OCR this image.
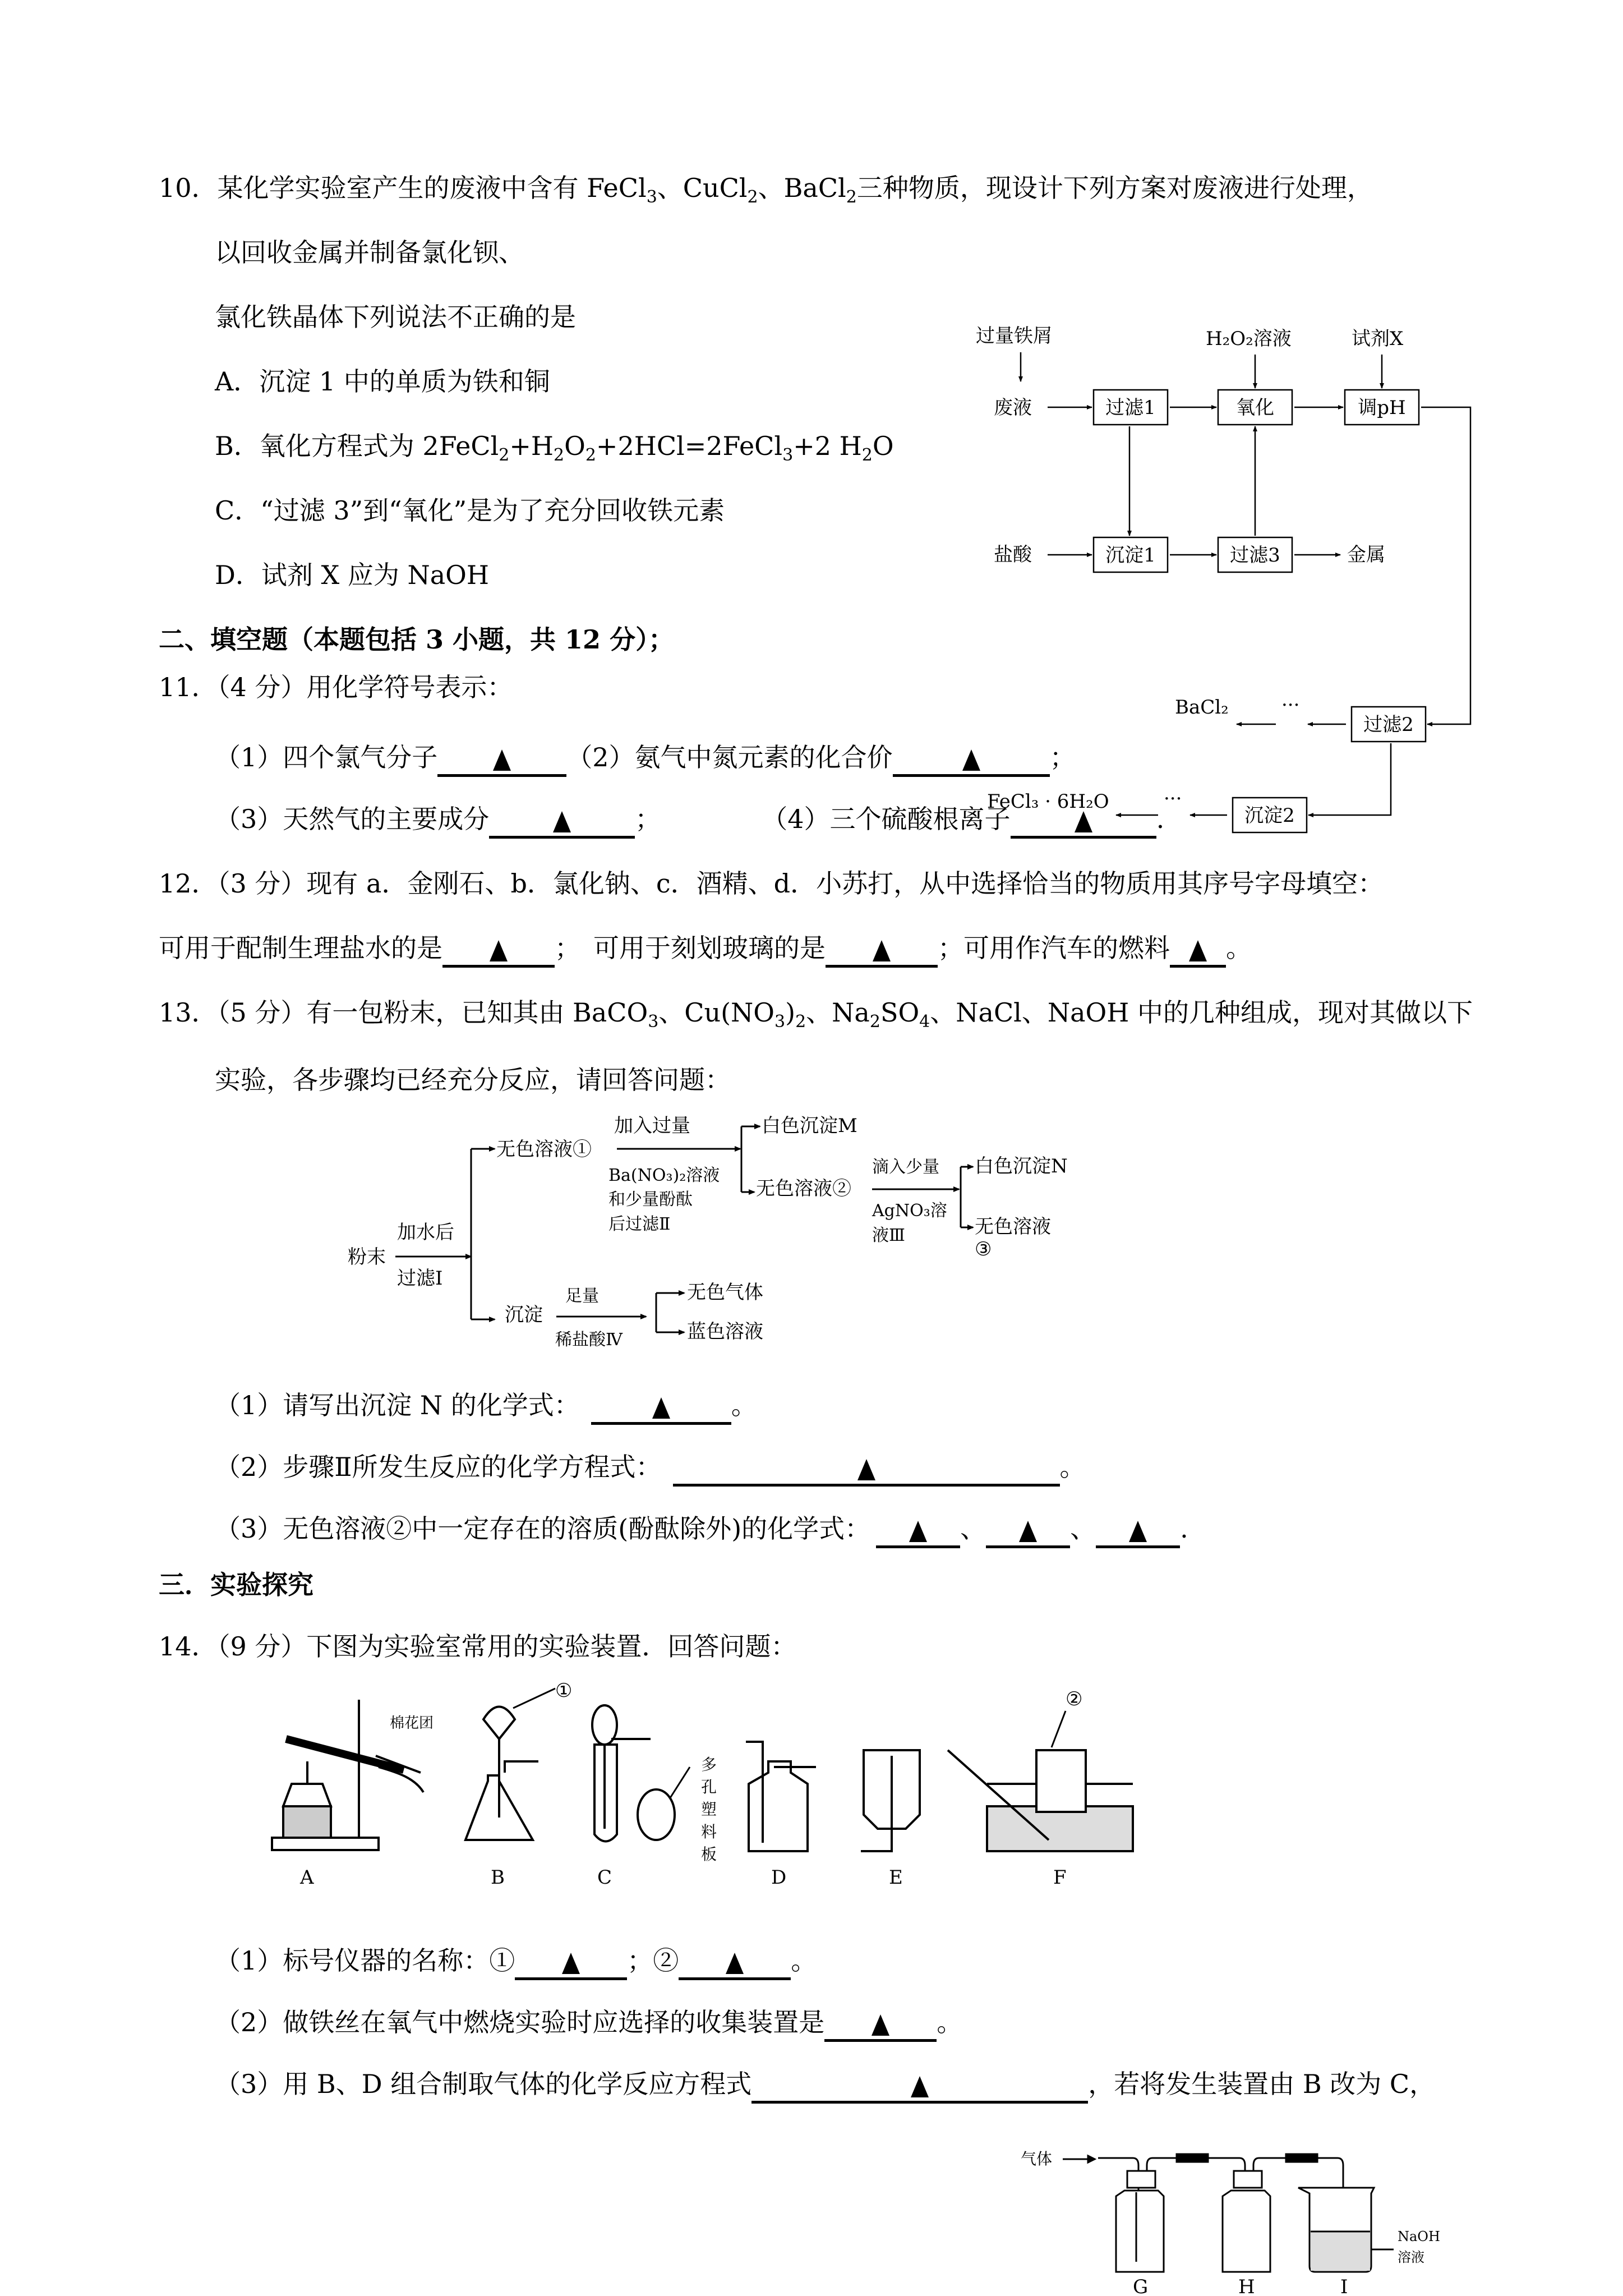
10．某化学实验室产生的废液中含有 FeCl$_3$、CuCl$_2$、BaCl$_2$三种物质，现设计下列方案对废液进行处理，
以回收金属并制备氯化钡、
氯化铁晶体下列说法不正确的是
A．沉淀 1 中的单质为铁和铜
B．氧化方程式为 $2FeCl_2+H_2O_2+2HCl=2FeCl_3+2$ $H_2O$
C．“过滤 3”到“氧化”是为了充分回收铁元素
D．试剂 X 应为 NaOH
过量铁屑	H₂O₂溶液	试剂X
废液
盐酸	金属
BaCl₂	···
FeCl₃ · 6H₂O	···
过滤1	氧化	调pH
沉淀1	过滤3
过滤2
沉淀2
二、填空题（本题包括 3 小题，共 12 分）；
11．（4 分）用化学符号表示：
（1）四个氯气分子	（2）氨气中氮元素的化合价	；
（3）天然气的主要成分	；	（4）三个硫酸根离子	.
12．（3 分）现有 a．金刚石、b．氯化钠、c．酒精、d．小苏打，从中选择恰当的物质用其序号字母填空：
可用于配制生理盐水的是	；　可用于刻划玻璃的是	；可用作汽车的燃料 。
13．（5 分）有一包粉末，已知其由 BaCO$_3$、$Cu(NO_3)_2$、$Na_2SO_4$、NaCl、NaOH 中的几种组成，现对其做以下
实验，各步骤均已经充分反应，请回答问题：
粉末
加水后
过滤Ⅰ
无色溶液①
加入过量
Ba(NO₃)₂溶液
和少量酚酞
后过滤Ⅱ
白色沉淀M
无色溶液②
滴入少量
AgNO₃溶
液Ⅲ
白色沉淀N
无色溶液
③
沉淀
足量
稀盐酸Ⅳ
无色气体
蓝色溶液
（1）请写出沉淀 N 的化学式：	。
（2）步骤Ⅱ所发生反应的化学方程式：	。
（3）无色溶液②中一定存在的溶质(酚酞除外)的化学式：	、	、	.
三．实验探究
14．（9 分）下图为实验室常用的实验装置．回答问题：
棉花团
①	②
多
孔
塑
料
板
A	B	C	D	E	F
（1）标号仪器的名称：①	；②	。
（2）做铁丝在氧气中燃烧实验时应选择的收集装置是	。
（3）用 B、D 组合制取气体的化学反应方程式	，若将发生装置由 B 改为 C，
气体
NaOH
溶液
G	H	I
